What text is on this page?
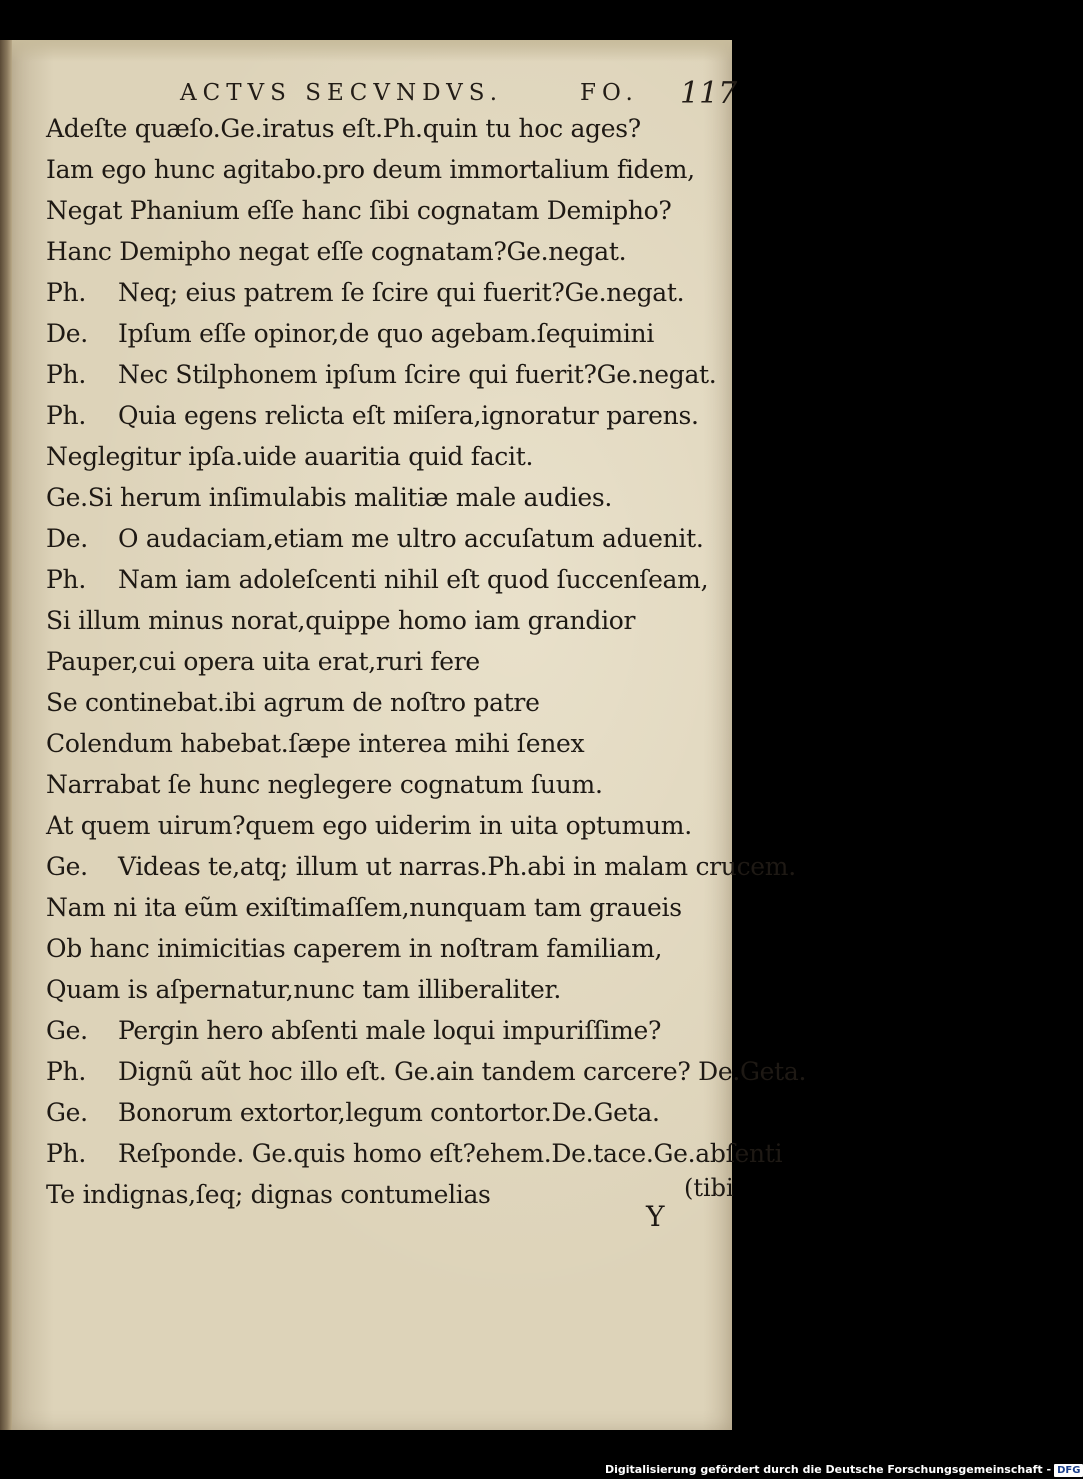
ACTVS SECVNDVS.	FO. 117
Adeſte quæſo.Ge.iratus eſt.Ph.quin tu hoc ages?
Iam ego hunc agitabo.pro deum immortalium fidem,
Negat Phanium eſſe hanc ſibi cognatam Demipho?
Hanc Demipho negat eſſe cognatam?Ge.negat.
Ph. Neq; eius patrem ſe ſcire qui fuerit?Ge.negat.
De. Ipſum eſſe opinor,de quo agebam.ſequimini
Ph. Nec Stilphonem ipſum ſcire qui fuerit?Ge.negat.
Ph. Quia egens relicta eſt miſera,ignoratur parens.
Neglegitur ipſa.uide auaritia quid facit.
Ge.Si herum inſimulabis malitiæ male audies.
De. O audaciam,etiam me ultro accuſatum aduenit.
Ph. Nam iam adoleſcenti nihil eſt quod ſuccenſeam,
Si illum minus norat,quippe homo iam grandior
Pauper,cui opera uita erat,ruri fere
Se continebat.ibi agrum de noſtro patre
Colendum habebat.ſæpe interea mihi ſenex
Narrabat ſe hunc neglegere cognatum ſuum.
At quem uirum?quem ego uiderim in uita optumum.
Ge. Videas te,atq; illum ut narras.Ph.abi in malam crucem.
Nam ni ita eũm exiſtimaſſem,nunquam tam graueis
Ob hanc inimicitias caperem in noſtram familiam,
Quam is aſpernatur,nunc tam illiberaliter.
Ge. Pergin hero abſenti male loqui impuriſſime?
Ph. Dignũ aũt hoc illo eſt. Ge.ain tandem carcere? De.Geta.
Ge. Bonorum extortor,legum contortor.De.Geta.
Ph. Reſponde. Ge.quis homo eſt?ehem.De.tace.Ge.abſenti
Te indignas,ſeq; dignas contumelias	(tibi
Y
Digitalisierung gefördert durch die Deutsche Forschungsgemeinschaft - DFG
